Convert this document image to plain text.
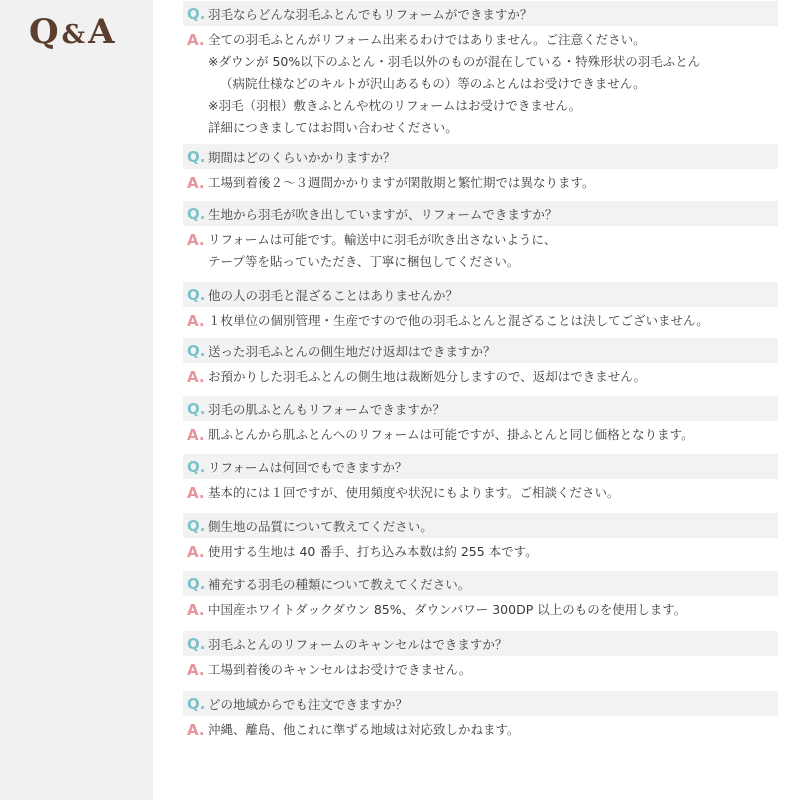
Q&A	Q. 羽毛ならどんな羽毛ふとんでもリフォームができますか？
A. 全ての羽毛ふとんがリフォーム出来るわけではありません。ご注意ください。
※ダウンが 50%以下のふとん・羽毛以外のものが混在している・特殊形状の羽毛ふとん
（病院仕様などのキルトが沢山あるもの）等のふとんはお受けできません。
※羽毛（羽根）敷きふとんや枕のリフォームはお受けできません。
詳細につきましてはお問い合わせください。
Q. 期間はどのくらいかかりますか？
A. 工場到着後２～３週間かかりますが閑散期と繁忙期では異なります。
Q. 生地から羽毛が吹き出していますが、リフォームできますか？
A. リフォームは可能です。輸送中に羽毛が吹き出さないように、
テープ等を貼っていただき、丁寧に梱包してください。
Q. 他の人の羽毛と混ざることはありませんか？
A. １枚単位の個別管理・生産ですので他の羽毛ふとんと混ざることは決してございません。
Q. 送った羽毛ふとんの側生地だけ返却はできますか？
A. お預かりした羽毛ふとんの側生地は裁断処分しますので、返却はできません。
Q. 羽毛の肌ふとんもリフォームできますか？
A. 肌ふとんから肌ふとんへのリフォームは可能ですが、掛ふとんと同じ価格となります。
Q. リフォームは何回でもできますか？
A. 基本的には１回ですが、使用頻度や状況にもよります。ご相談ください。
Q. 側生地の品質について教えてください。
A. 使用する生地は 40 番手、打ち込み本数は約 255 本です。
Q. 補充する羽毛の種類について教えてください。
A. 中国産ホワイトダックダウン 85%、ダウンパワー 300DP 以上のものを使用します。
Q. 羽毛ふとんのリフォームのキャンセルはできますか？
A. 工場到着後のキャンセルはお受けできません。
Q. どの地域からでも注文できますか？
A. 沖縄、離島、他これに準ずる地域は対応致しかねます。
